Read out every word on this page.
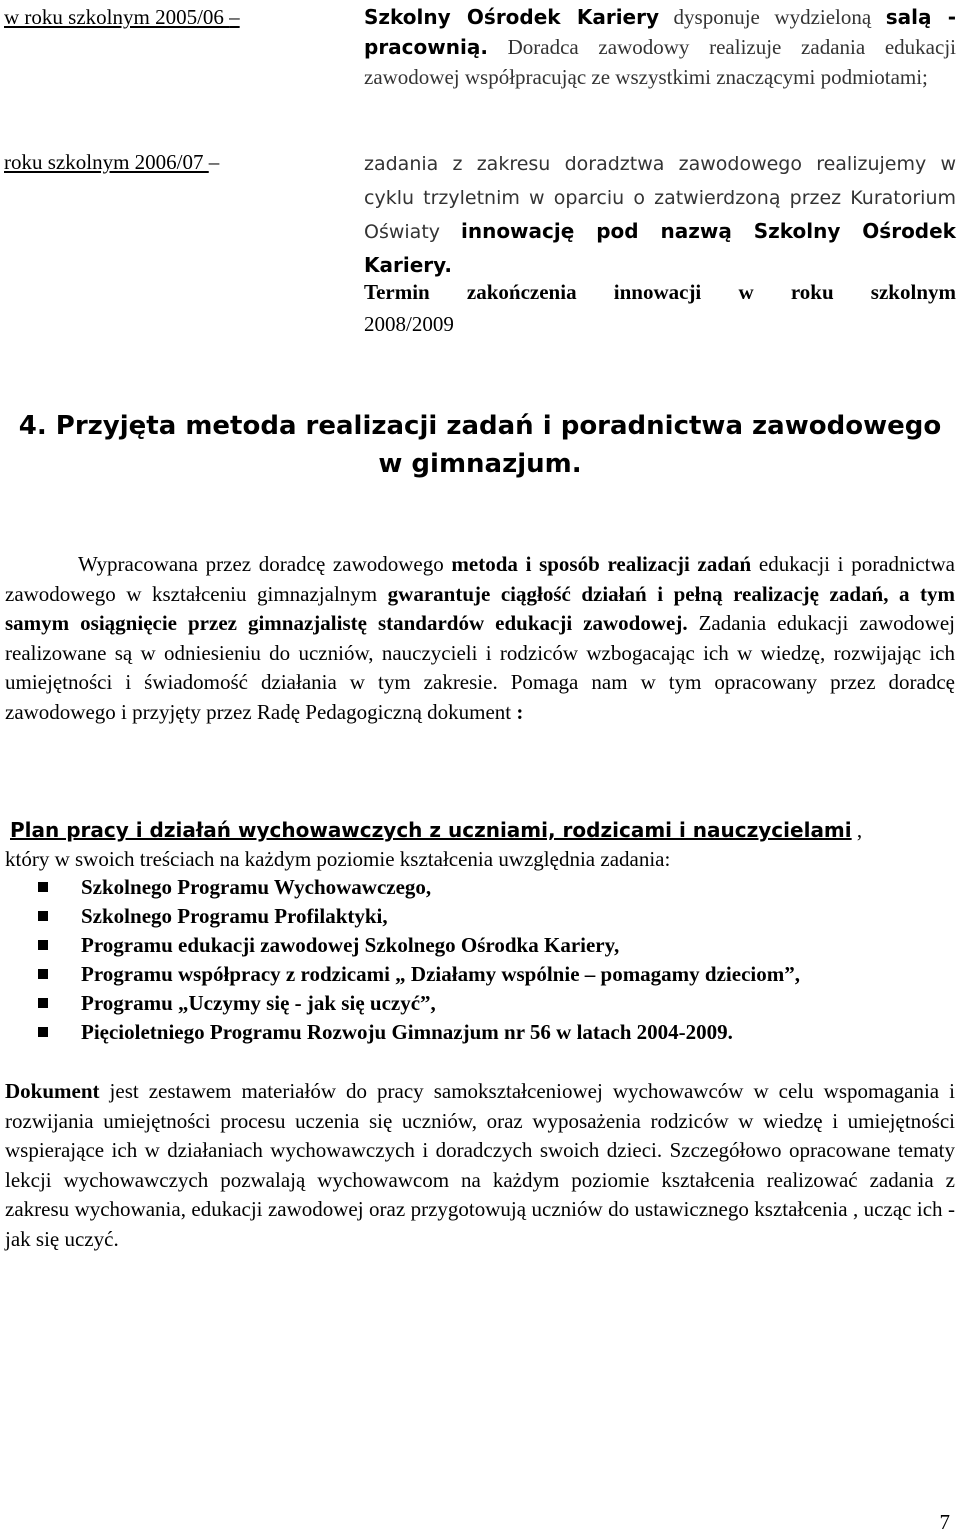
w roku szkolnym 2005/06 –	Szkolny Ośrodek Kariery dysponuje wydzieloną salą - pracownią. Doradca zawodowy realizuje zadania edukacji zawodowej współpracując ze wszystkimi znaczącymi podmiotami;
roku szkolnym 2006/07 –	zadania z zakresu doradztwa zawodowego realizujemy w cyklu trzyletnim w oparciu o zatwierdzoną przez Kuratorium Oświaty innowację pod nazwą Szkolny Ośrodek Kariery.
Termin zakończenia innowacji w roku szkolnym
2008/2009
4. Przyjęta metoda realizacji zadań i poradnictwa zawodowego
w gimnazjum.
Wypracowana przez doradcę zawodowego metoda i sposób realizacji zadań edukacji i poradnictwa zawodowego w kształceniu gimnazjalnym gwarantuje ciągłość działań i pełną realizację zadań, a tym samym osiągnięcie przez gimnazjalistę standardów edukacji zawodowej. Zadania edukacji zawodowej realizowane są w odniesieniu do uczniów, nauczycieli i rodziców wzbogacając ich w wiedzę, rozwijając ich umiejętności i świadomość działania w tym zakresie. Pomaga nam w tym opracowany przez doradcę zawodowego i przyjęty przez Radę Pedagogiczną dokument :
Plan pracy i działań wychowawczych z uczniami, rodzicami i nauczycielami ,
który w swoich treściach na każdym poziomie kształcenia uwzględnia zadania:
Szkolnego Programu Wychowawczego,
Szkolnego Programu Profilaktyki,
Programu edukacji zawodowej Szkolnego Ośrodka Kariery,
Programu współpracy z rodzicami „ Działamy wspólnie – pomagamy dzieciom”,
Programu „Uczymy się - jak się uczyć”,
Pięcioletniego Programu Rozwoju Gimnazjum nr 56 w latach 2004-2009.
Dokument jest zestawem materiałów do pracy samokształceniowej wychowawców w celu wspomagania i rozwijania umiejętności procesu uczenia się uczniów, oraz wyposażenia rodziców w wiedzę i umiejętności wspierające ich w działaniach wychowawczych i doradczych swoich dzieci. Szczegółowo opracowane tematy lekcji wychowawczych pozwalają wychowawcom na każdym poziomie kształcenia realizować zadania z zakresu wychowania, edukacji zawodowej oraz przygotowują uczniów do ustawicznego kształcenia , ucząc ich - jak się uczyć.
7
